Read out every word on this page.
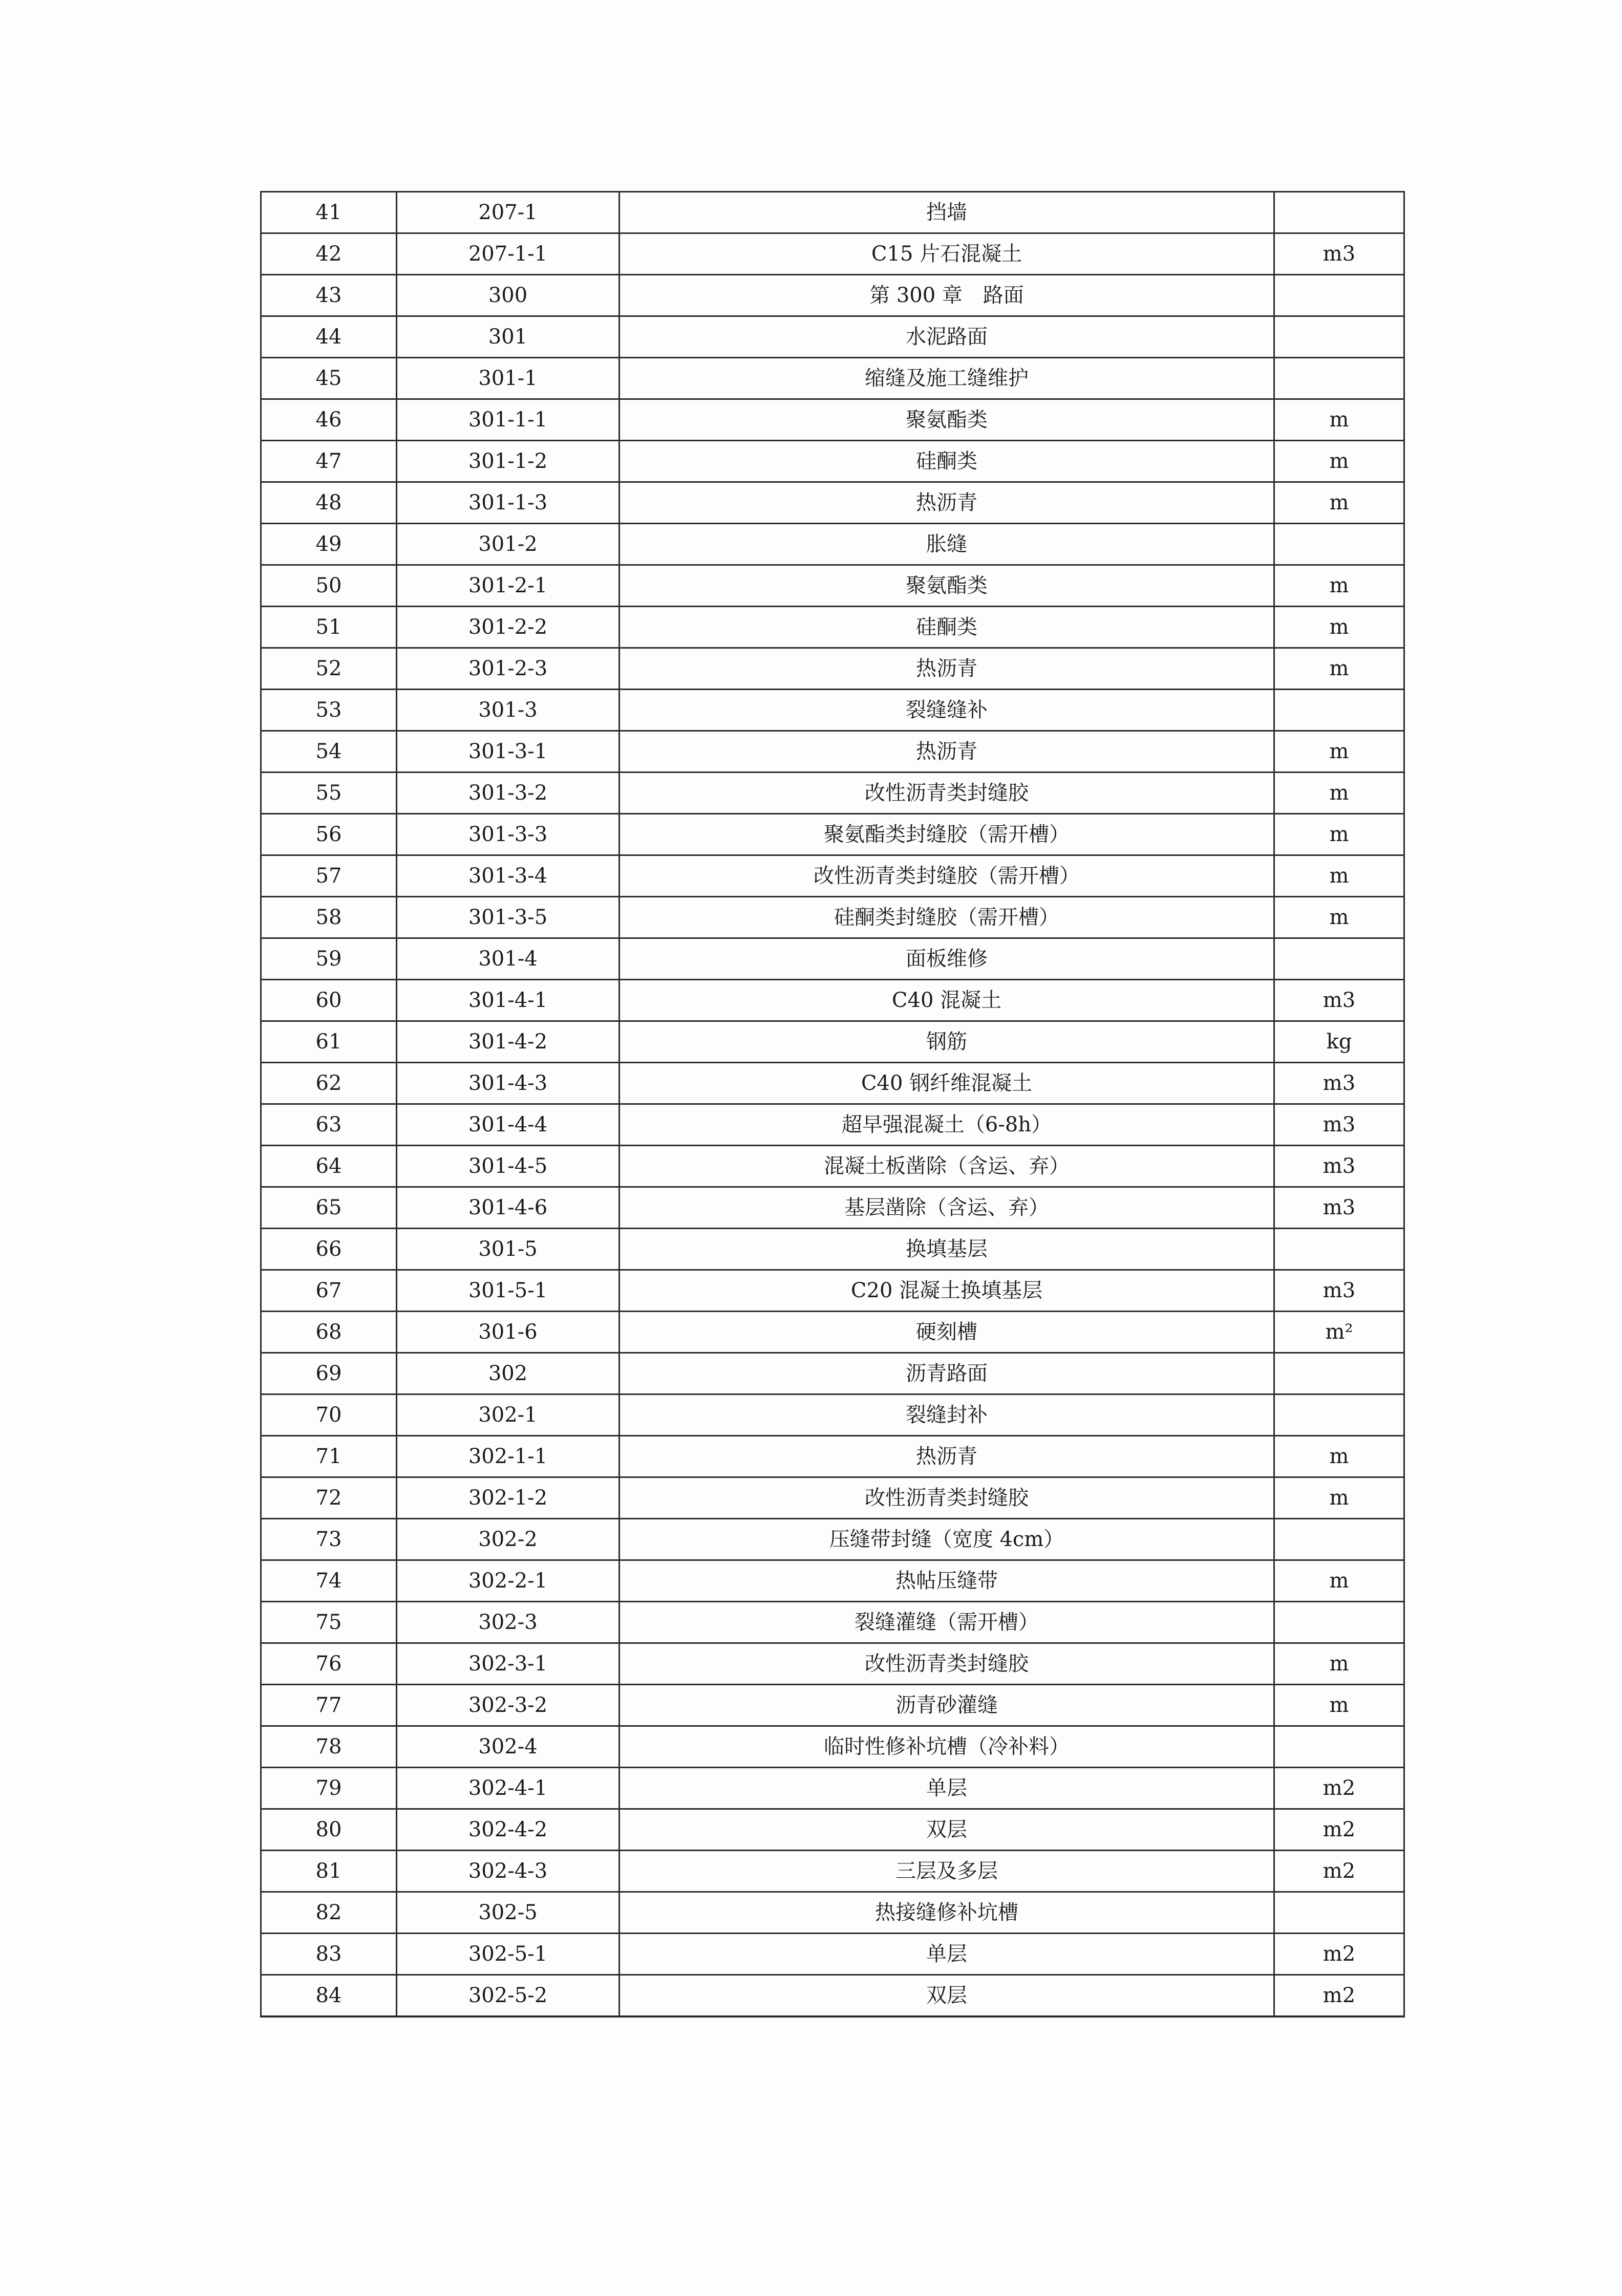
41	207-1	挡墙	
42	207-1-1	C15 片石混凝土	m3
43	300	第 300 章　路面	
44	301	水泥路面	
45	301-1	缩缝及施工缝维护	
46	301-1-1	聚氨酯类	m
47	301-1-2	硅酮类	m
48	301-1-3	热沥青	m
49	301-2	胀缝	
50	301-2-1	聚氨酯类	m
51	301-2-2	硅酮类	m
52	301-2-3	热沥青	m
53	301-3	裂缝缝补	
54	301-3-1	热沥青	m
55	301-3-2	改性沥青类封缝胶	m
56	301-3-3	聚氨酯类封缝胶（需开槽）	m
57	301-3-4	改性沥青类封缝胶（需开槽）	m
58	301-3-5	硅酮类封缝胶（需开槽）	m
59	301-4	面板维修	
60	301-4-1	C40 混凝土	m3
61	301-4-2	钢筋	kg
62	301-4-3	C40 钢纤维混凝土	m3
63	301-4-4	超早强混凝土（6-8h）	m3
64	301-4-5	混凝土板凿除（含运、弃）	m3
65	301-4-6	基层凿除（含运、弃）	m3
66	301-5	换填基层	
67	301-5-1	C20 混凝土换填基层	m3
68	301-6	硬刻槽	m²
69	302	沥青路面	
70	302-1	裂缝封补	
71	302-1-1	热沥青	m
72	302-1-2	改性沥青类封缝胶	m
73	302-2	压缝带封缝（宽度 4cm）	
74	302-2-1	热帖压缝带	m
75	302-3	裂缝灌缝（需开槽）	
76	302-3-1	改性沥青类封缝胶	m
77	302-3-2	沥青砂灌缝	m
78	302-4	临时性修补坑槽（冷补料）	
79	302-4-1	单层	m2
80	302-4-2	双层	m2
81	302-4-3	三层及多层	m2
82	302-5	热接缝修补坑槽	
83	302-5-1	单层	m2
84	302-5-2	双层	m2
